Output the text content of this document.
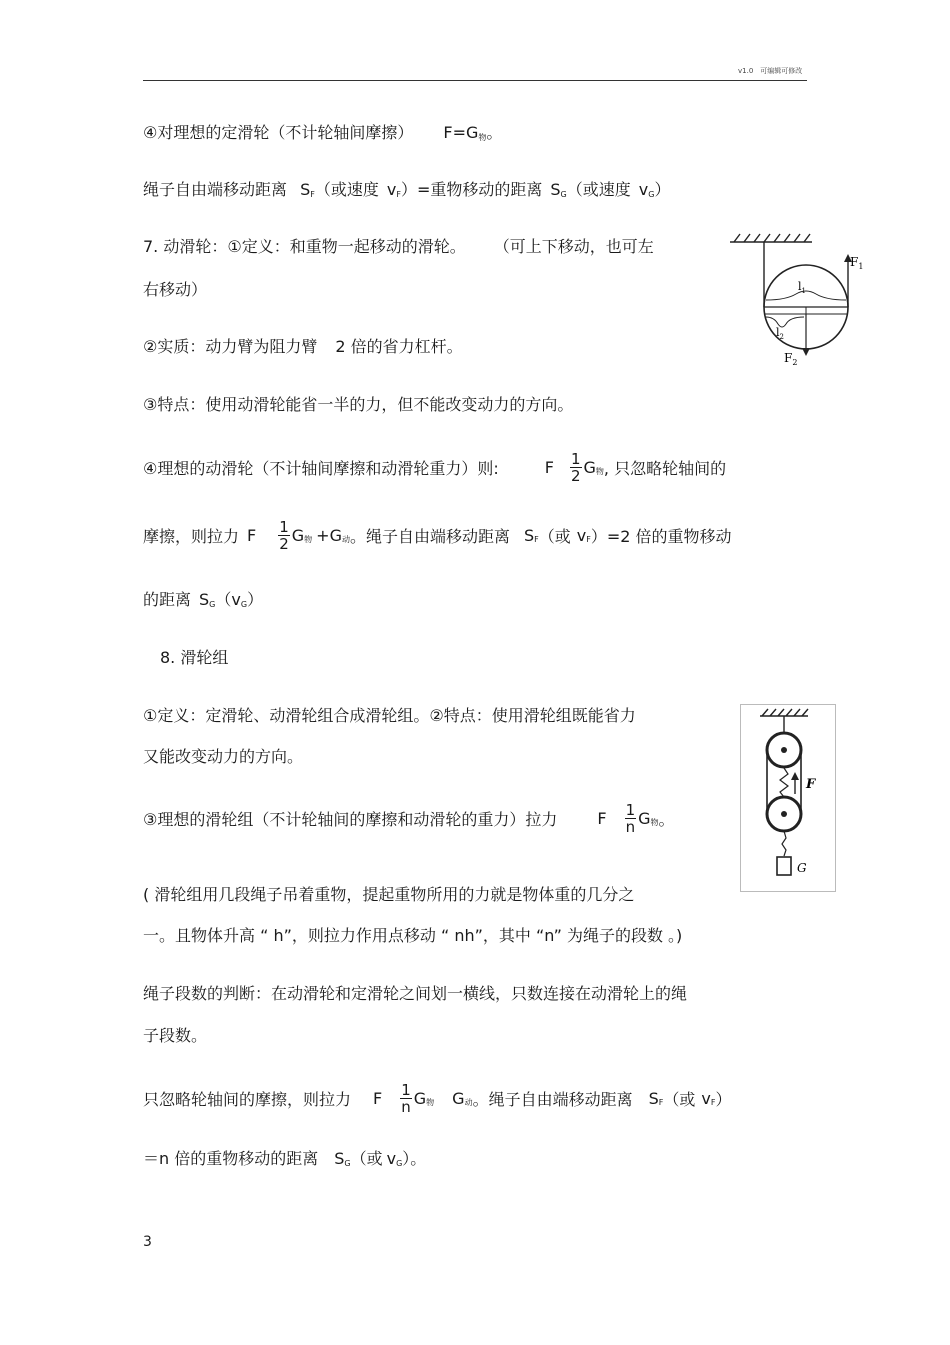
v1.0　可编辑可修改
④对理想的定滑轮（不计轮轴间摩擦） F=G物。
绳子自由端移动距离 SF（或速度 vF）=重物移动的距离 SG（或速度 vG）
7. 动滑轮：①定义：和重物一起移动的滑轮。 （可上下移动，也可左
右移动）
②实质：动力臂为阻力臂 2 倍的省力杠杆。
③特点：使用动滑轮能省一半的力，但不能改变动力的方向。
④理想的动滑轮（不计轴间摩擦和动滑轮重力）则:	F $\frac{1}{2}$ G物, 只忽略轮轴间的
摩擦，则拉力 F $\frac{1}{2}$ G物 +G动。绳子自由端移动距离 SF（或 vF）=2 倍的重物移动
的距离 SG（vG）
8. 滑轮组
①定义：定滑轮、动滑轮组合成滑轮组。②特点：使用滑轮组既能省力
又能改变动力的方向。
③理想的滑轮组（不计轮轴间的摩擦和动滑轮的重力）拉力	F $\frac{1}{n}$ G物。
( 滑轮组用几段绳子吊着重物，提起重物所用的力就是物体重的几分之
一。且物体升高 “ h”，则拉力作用点移动 “ nh”，其中 “n” 为绳子的段数 。)
绳子段数的判断：在动滑轮和定滑轮之间划一横线，只数连接在动滑轮上的绳
子段数。
只忽略轮轴间的摩擦，则拉力 F $\frac{1}{n}$ G物 G动。绳子自由端移动距离 SF（或 vF）
＝n 倍的重物移动的距离 SG（或 vG）。
3
$F_1$
$F_2$
$l_1$
$l_2$
F
G
